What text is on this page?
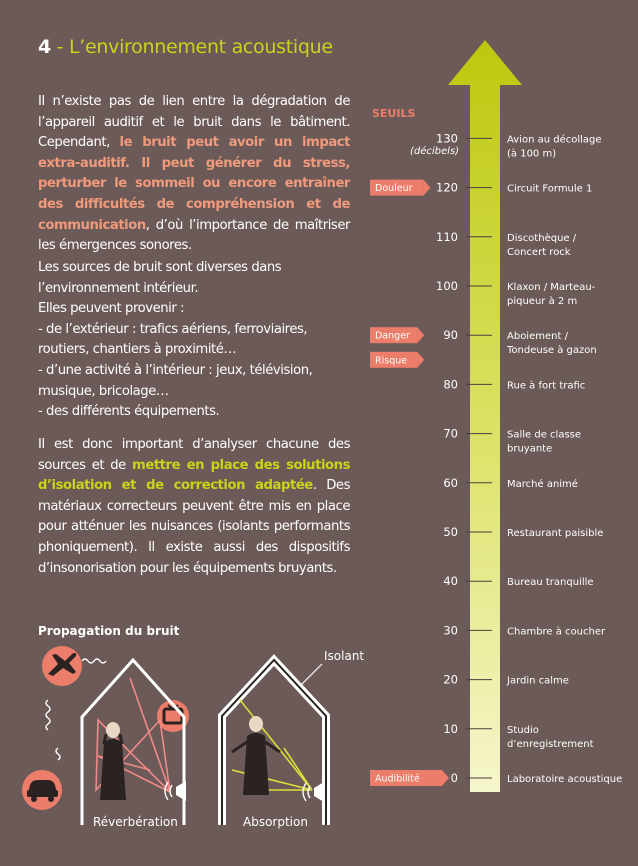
4 - L’environnement acoustique

Il n’existe pas de lien entre la dégradation de l’appareil auditif et le bruit dans le bâtiment. Cependant, le bruit peut avoir un impact extra-auditif. Il peut générer du stress, perturber le sommeil ou encore entraîner des difficultés de compréhension et de communication, d’où l’importance de maîtriser les émergences sonores.

Les sources de bruit sont diverses dans l’environnement intérieur.

Elles peuvent provenir :

- de l’extérieur : trafics aériens, ferroviaires, routiers, chantiers à proximité…

- d’une activité à l’intérieur : jeux, télévision, musique, bricolage…

- des différents équipements.

Il est donc important d’analyser chacune des sources et de mettre en place des solutions d’isolation et de correction adaptée. Des matériaux correcteurs peuvent être mis en place pour atténuer les nuisances (isolants performants phoniquement). Il existe aussi des dispositifs d’insonorisation pour les équipements bruyants.

Propagation du bruit
Isolant
Réverbération	Absorption
SEUILS
(décibels)
130	Avion au décollage
(à 100 m)
120	Circuit Formule 1
110	Discothèque /
Concert rock
100	Klaxon / Marteau-
piqueur à 2 m
90	Aboiement /
Tondeuse à gazon
80	Rue à fort trafic
70	Salle de classe
bruyante
60	Marché animé
50	Restaurant paisible
40	Bureau tranquille
30	Chambre à coucher
20	Jardin calme
10	Studio
d’enregistrement
0	Laboratoire acoustique
Douleur
Danger
Risque
Audibilité
